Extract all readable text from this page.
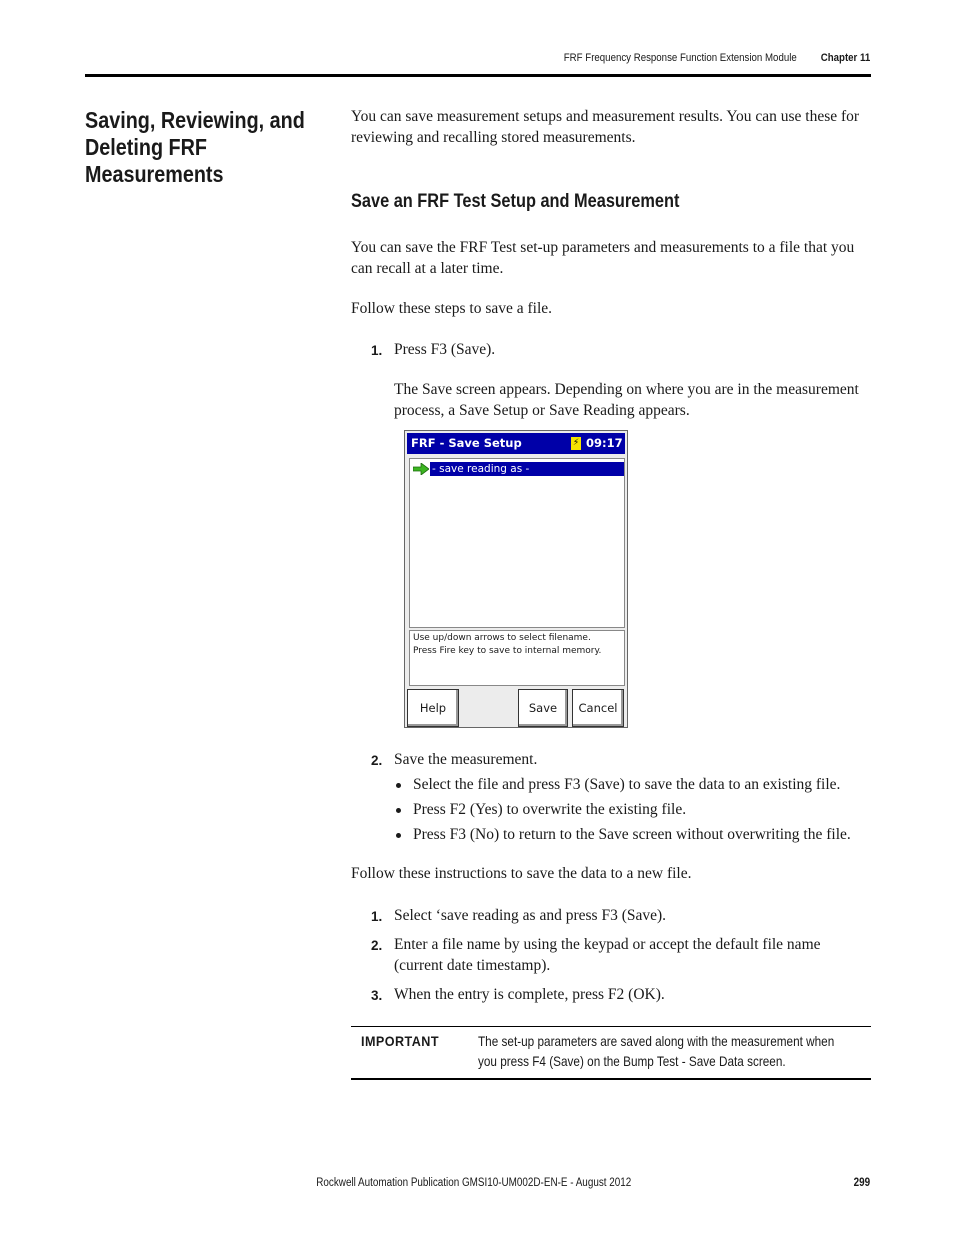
FRF Frequency Response Function Extension Module Chapter 11
Saving, Reviewing, and Deleting FRF Measurements
You can save measurement setups and measurement results. You can use these for reviewing and recalling stored measurements.
Save an FRF Test Setup and Measurement
You can save the FRF Test set-up parameters and measurements to a file that you can recall at a later time.
Follow these steps to save a file.
1. Press F3 (Save).
The Save screen appears. Depending on where you are in the measurement process, a Save Setup or Save Reading appears.
FRF - Save Setup	⚡ 09:17
- save reading as -
Use up/down arrows to select filename.
Press Fire key to save to internal memory.
Help	Save	Cancel
2. Save the measurement.
Select the file and press F3 (Save) to save the data to an existing file.
Press F2 (Yes) to overwrite the existing file.
Press F3 (No) to return to the Save screen without overwriting the file.
Follow these instructions to save the data to a new file.
1. Select ‘save reading as and press F3 (Save).
2. Enter a file name by using the keypad or accept the default file name (current date timestamp).
3. When the entry is complete, press F2 (OK).
IMPORTANT	The set-up parameters are saved along with the measurement when you press F4 (Save) on the Bump Test - Save Data screen.
Rockwell Automation Publication GMSI10-UM002D-EN-E - August 2012	299
